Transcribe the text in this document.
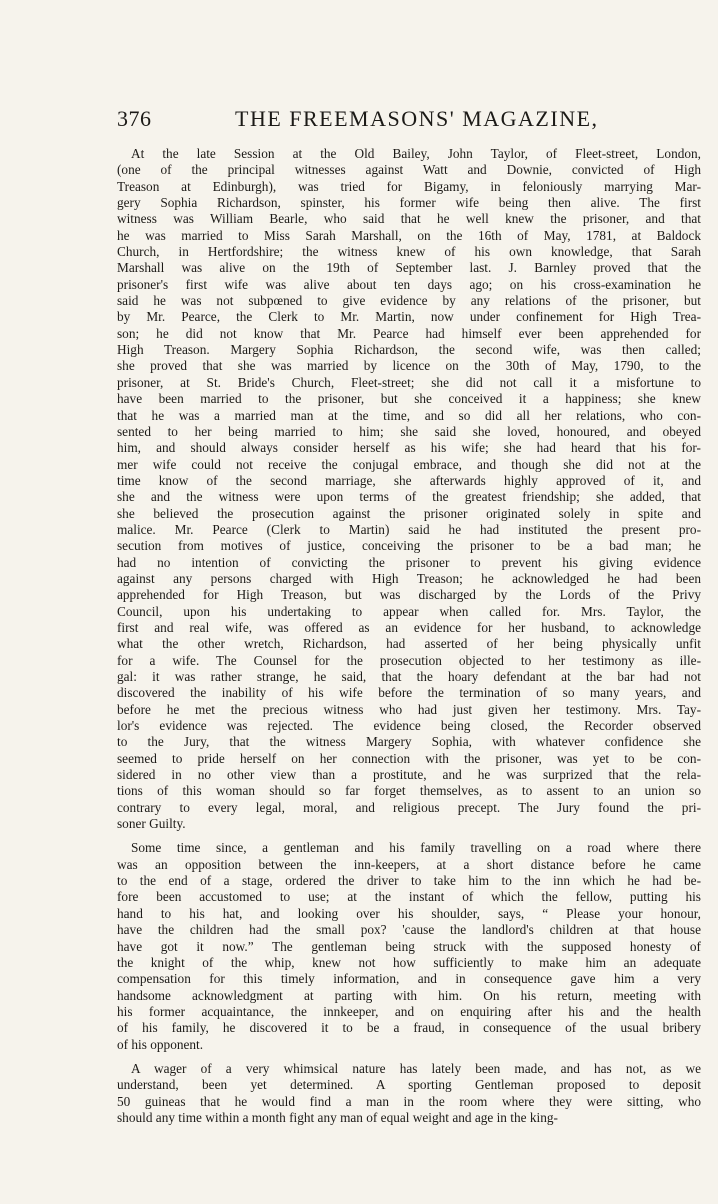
376	THE FREEMASONS' MAGAZINE,
At the late Session at the Old Bailey, John Taylor, of Fleet-street, London,
(one of the principal witnesses against Watt and Downie, convicted of High
Treason at Edinburgh), was tried for Bigamy, in feloniously marrying Mar-
gery Sophia Richardson, spinster, his former wife being then alive. The first
witness was William Bearle, who said that he well knew the prisoner, and that
he was married to Miss Sarah Marshall, on the 16th of May, 1781, at Baldock
Church, in Hertfordshire; the witness knew of his own knowledge, that Sarah
Marshall was alive on the 19th of September last. J. Barnley proved that the
prisoner's first wife was alive about ten days ago; on his cross-examination he
said he was not subpœned to give evidence by any relations of the prisoner, but
by Mr. Pearce, the Clerk to Mr. Martin, now under confinement for High Trea-
son; he did not know that Mr. Pearce had himself ever been apprehended for
High Treason. Margery Sophia Richardson, the second wife, was then called;
she proved that she was married by licence on the 30th of May, 1790, to the
prisoner, at St. Bride's Church, Fleet-street; she did not call it a misfortune to
have been married to the prisoner, but she conceived it a happiness; she knew
that he was a married man at the time, and so did all her relations, who con-
sented to her being married to him; she said she loved, honoured, and obeyed
him, and should always consider herself as his wife; she had heard that his for-
mer wife could not receive the conjugal embrace, and though she did not at the
time know of the second marriage, she afterwards highly approved of it, and
she and the witness were upon terms of the greatest friendship; she added, that
she believed the prosecution against the prisoner originated solely in spite and
malice. Mr. Pearce (Clerk to Martin) said he had instituted the present pro-
secution from motives of justice, conceiving the prisoner to be a bad man; he
had no intention of convicting the prisoner to prevent his giving evidence
against any persons charged with High Treason; he acknowledged he had been
apprehended for High Treason, but was discharged by the Lords of the Privy
Council, upon his undertaking to appear when called for. Mrs. Taylor, the
first and real wife, was offered as an evidence for her husband, to acknowledge
what the other wretch, Richardson, had asserted of her being physically unfit
for a wife. The Counsel for the prosecution objected to her testimony as ille-
gal: it was rather strange, he said, that the hoary defendant at the bar had not
discovered the inability of his wife before the termination of so many years, and
before he met the precious witness who had just given her testimony. Mrs. Tay-
lor's evidence was rejected. The evidence being closed, the Recorder observed
to the Jury, that the witness Margery Sophia, with whatever confidence she
seemed to pride herself on her connection with the prisoner, was yet to be con-
sidered in no other view than a prostitute, and he was surprized that the rela-
tions of this woman should so far forget themselves, as to assent to an union so
contrary to every legal, moral, and religious precept. The Jury found the pri-
soner Guilty.
Some time since, a gentleman and his family travelling on a road where there
was an opposition between the inn-keepers, at a short distance before he came
to the end of a stage, ordered the driver to take him to the inn which he had be-
fore been accustomed to use; at the instant of which the fellow, putting his
hand to his hat, and looking over his shoulder, says, “ Please your honour,
have the children had the small pox? 'cause the landlord's children at that house
have got it now.” The gentleman being struck with the supposed honesty of
the knight of the whip, knew not how sufficiently to make him an adequate
compensation for this timely information, and in consequence gave him a very
handsome acknowledgment at parting with him. On his return, meeting with
his former acquaintance, the innkeeper, and on enquiring after his and the health
of his family, he discovered it to be a fraud, in consequence of the usual bribery
of his opponent.
A wager of a very whimsical nature has lately been made, and has not, as we
understand, been yet determined. A sporting Gentleman proposed to deposit
50 guineas that he would find a man in the room where they were sitting, who
should any time within a month fight any man of equal weight and age in the king-
